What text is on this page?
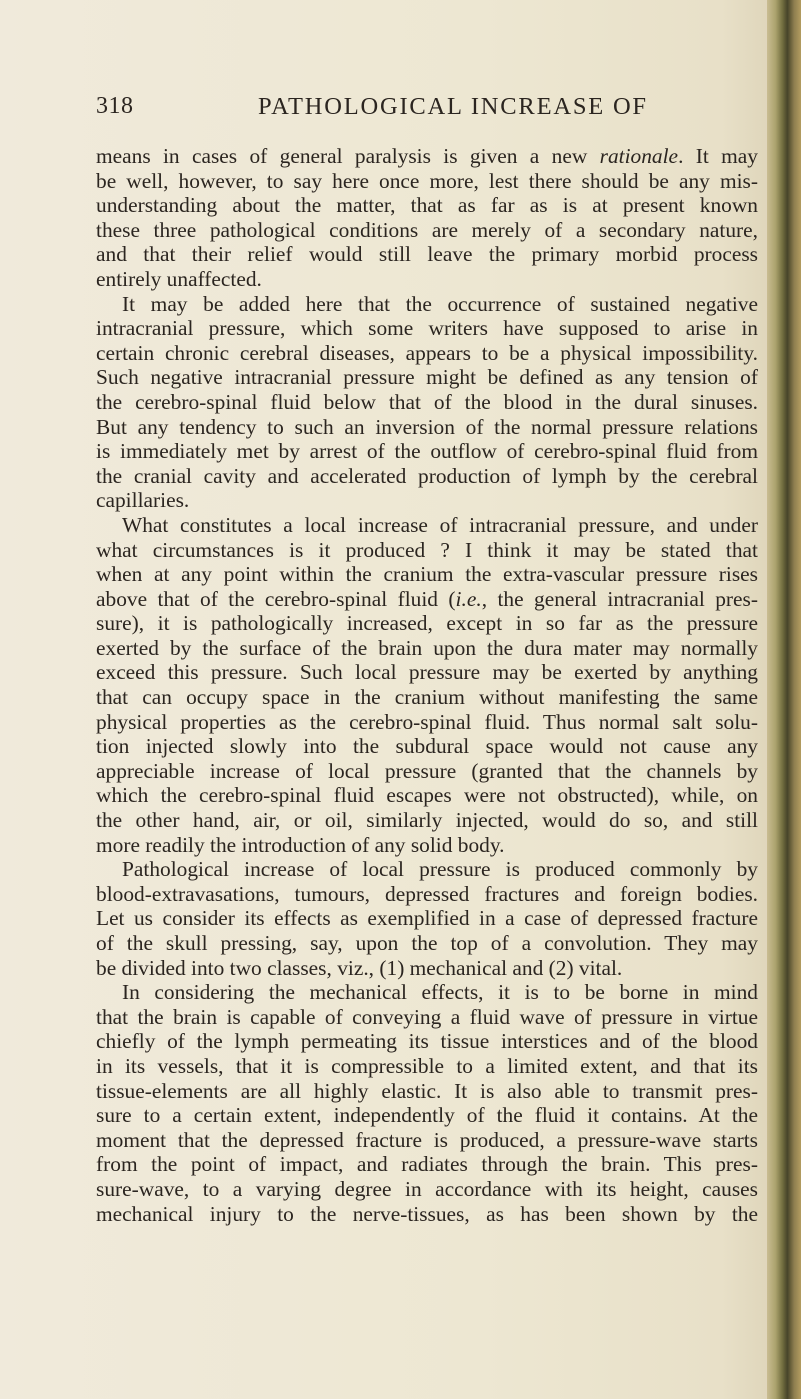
318	PATHOLOGICAL INCREASE OF
means in cases of general paralysis is given a new rationale. It may
be well, however, to say here once more, lest there should be any mis-
understanding about the matter, that as far as is at present known
these three pathological conditions are merely of a secondary nature,
and that their relief would still leave the primary morbid process
entirely unaffected.
It may be added here that the occurrence of sustained negative
intracranial pressure, which some writers have supposed to arise in
certain chronic cerebral diseases, appears to be a physical impossibility.
Such negative intracranial pressure might be defined as any tension of
the cerebro-spinal fluid below that of the blood in the dural sinuses.
But any tendency to such an inversion of the normal pressure relations
is immediately met by arrest of the outflow of cerebro-spinal fluid from
the cranial cavity and accelerated production of lymph by the cerebral
capillaries.
What constitutes a local increase of intracranial pressure, and under
what circumstances is it produced ? I think it may be stated that
when at any point within the cranium the extra-vascular pressure rises
above that of the cerebro-spinal fluid (i.e., the general intracranial pres-
sure), it is pathologically increased, except in so far as the pressure
exerted by the surface of the brain upon the dura mater may normally
exceed this pressure. Such local pressure may be exerted by anything
that can occupy space in the cranium without manifesting the same
physical properties as the cerebro-spinal fluid. Thus normal salt solu-
tion injected slowly into the subdural space would not cause any
appreciable increase of local pressure (granted that the channels by
which the cerebro-spinal fluid escapes were not obstructed), while, on
the other hand, air, or oil, similarly injected, would do so, and still
more readily the introduction of any solid body.
Pathological increase of local pressure is produced commonly by
blood-extravasations, tumours, depressed fractures and foreign bodies.
Let us consider its effects as exemplified in a case of depressed fracture
of the skull pressing, say, upon the top of a convolution. They may
be divided into two classes, viz., (1) mechanical and (2) vital.
In considering the mechanical effects, it is to be borne in mind
that the brain is capable of conveying a fluid wave of pressure in virtue
chiefly of the lymph permeating its tissue interstices and of the blood
in its vessels, that it is compressible to a limited extent, and that its
tissue-elements are all highly elastic. It is also able to transmit pres-
sure to a certain extent, independently of the fluid it contains. At the
moment that the depressed fracture is produced, a pressure-wave starts
from the point of impact, and radiates through the brain. This pres-
sure-wave, to a varying degree in accordance with its height, causes
mechanical injury to the nerve-tissues, as has been shown by the
